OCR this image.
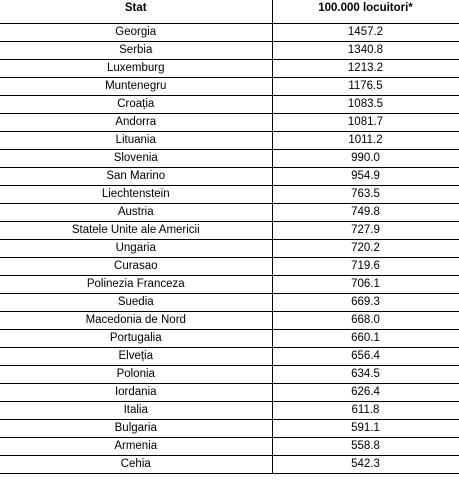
Stat	100.000 locuitori*
Georgia	1457.2
Serbia	1340.8
Luxemburg	1213.2
Muntenegru	1176.5
Croația	1083.5
Andorra	1081.7
Lituania	1011.2
Slovenia	990.0
San Marino	954.9
Liechtenstein	763.5
Austria	749.8
Statele Unite ale Americii	727.9
Ungaria	720.2
Curasao	719.6
Polinezia Franceza	706.1
Suedia	669.3
Macedonia de Nord	668.0
Portugalia	660.1
Elveția	656.4
Polonia	634.5
Iordania	626.4
Italia	611.8
Bulgaria	591.1
Armenia	558.8
Cehia	542.3
